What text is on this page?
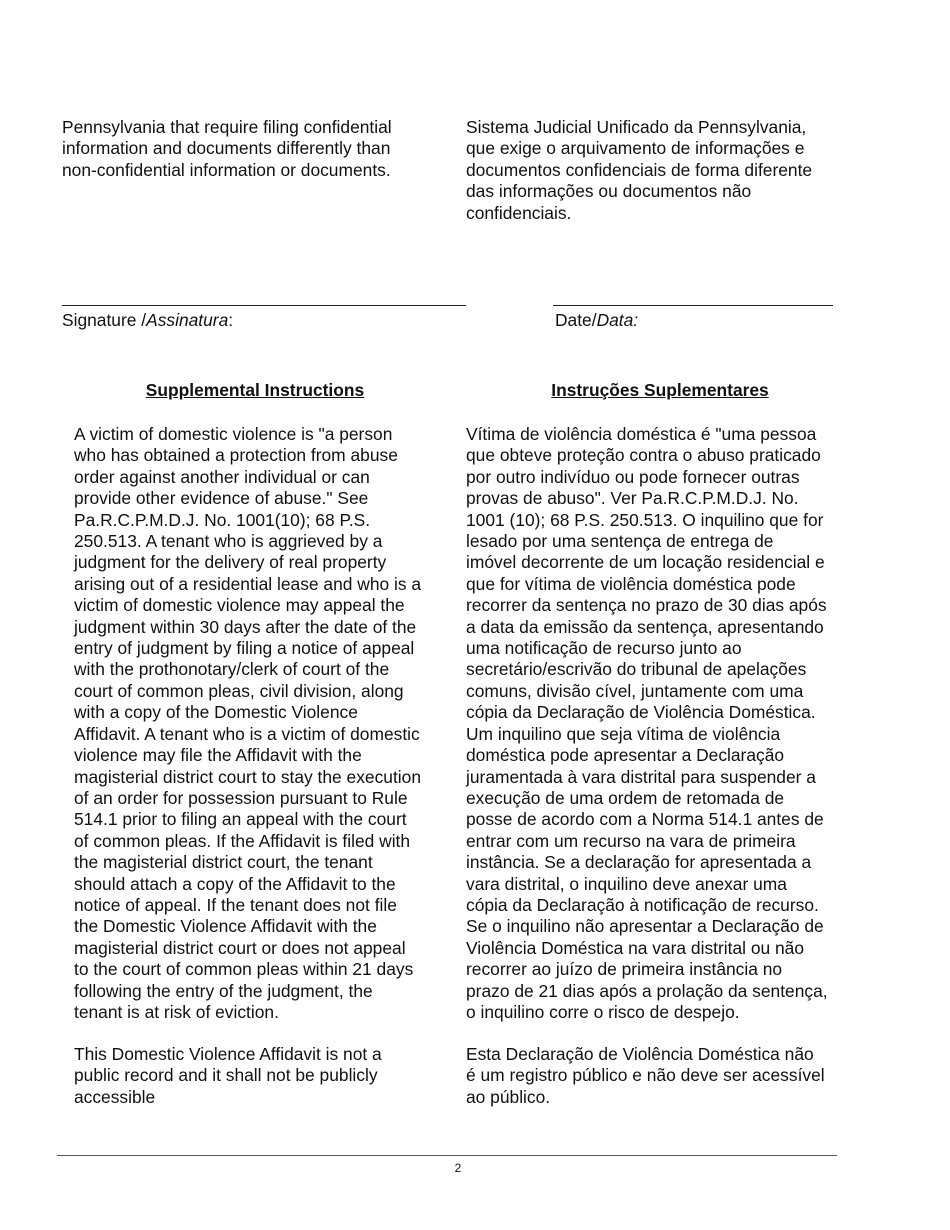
Pennsylvania that require filing confidential
information and documents differently than
non-confidential information or documents.

Sistema Judicial Unificado da Pennsylvania,
que exige o arquivamento de informações e
documentos confidenciais de forma diferente
das informações ou documentos não
confidenciais.

Signature /Assinatura:	Date/Data:
Supplemental Instructions	Instruções Suplementares

A victim of domestic violence is "a person
who has obtained a protection from abuse
order against another individual or can
provide other evidence of abuse." See
Pa.R.C.P.M.D.J. No. 1001(10); 68 P.S.
250.513. A tenant who is aggrieved by a
judgment for the delivery of real property
arising out of a residential lease and who is a
victim of domestic violence may appeal the
judgment within 30 days after the date of the
entry of judgment by filing a notice of appeal
with the prothonotary/clerk of court of the
court of common pleas, civil division, along
with a copy of the Domestic Violence
Affidavit. A tenant who is a victim of domestic
violence may file the Affidavit with the
magisterial district court to stay the execution
of an order for possession pursuant to Rule
514.1 prior to filing an appeal with the court
of common pleas. If the Affidavit is filed with
the magisterial district court, the tenant
should attach a copy of the Affidavit to the
notice of appeal. If the tenant does not file
the Domestic Violence Affidavit with the
magisterial district court or does not appeal
to the court of common pleas within 21 days
following the entry of the judgment, the
tenant is at risk of eviction.

Vítima de violência doméstica é "uma pessoa
que obteve proteção contra o abuso praticado
por outro indivíduo ou pode fornecer outras
provas de abuso". Ver Pa.R.C.P.M.D.J. No.
1001 (10); 68 P.S. 250.513. O inquilino que for
lesado por uma sentença de entrega de
imóvel decorrente de um locação residencial e
que for vítima de violência doméstica pode
recorrer da sentença no prazo de 30 dias após
a data da emissão da sentença, apresentando
uma notificação de recurso junto ao
secretário/escrivão do tribunal de apelações
comuns, divisão cível, juntamente com uma
cópia da Declaração de Violência Doméstica.
Um inquilino que seja vítima de violência
doméstica pode apresentar a Declaração
juramentada à vara distrital para suspender a
execução de uma ordem de retomada de
posse de acordo com a Norma 514.1 antes de
entrar com um recurso na vara de primeira
instância. Se a declaração for apresentada a
vara distrital, o inquilino deve anexar uma
cópia da Declaração à notificação de recurso.
Se o inquilino não apresentar a Declaração de
Violência Doméstica na vara distrital ou não
recorrer ao juízo de primeira instância no
prazo de 21 dias após a prolação da sentença,
o inquilino corre o risco de despejo.

This Domestic Violence Affidavit is not a
public record and it shall not be publicly
accessible

Esta Declaração de Violência Doméstica não
é um registro público e não deve ser acessível
ao público.

2
